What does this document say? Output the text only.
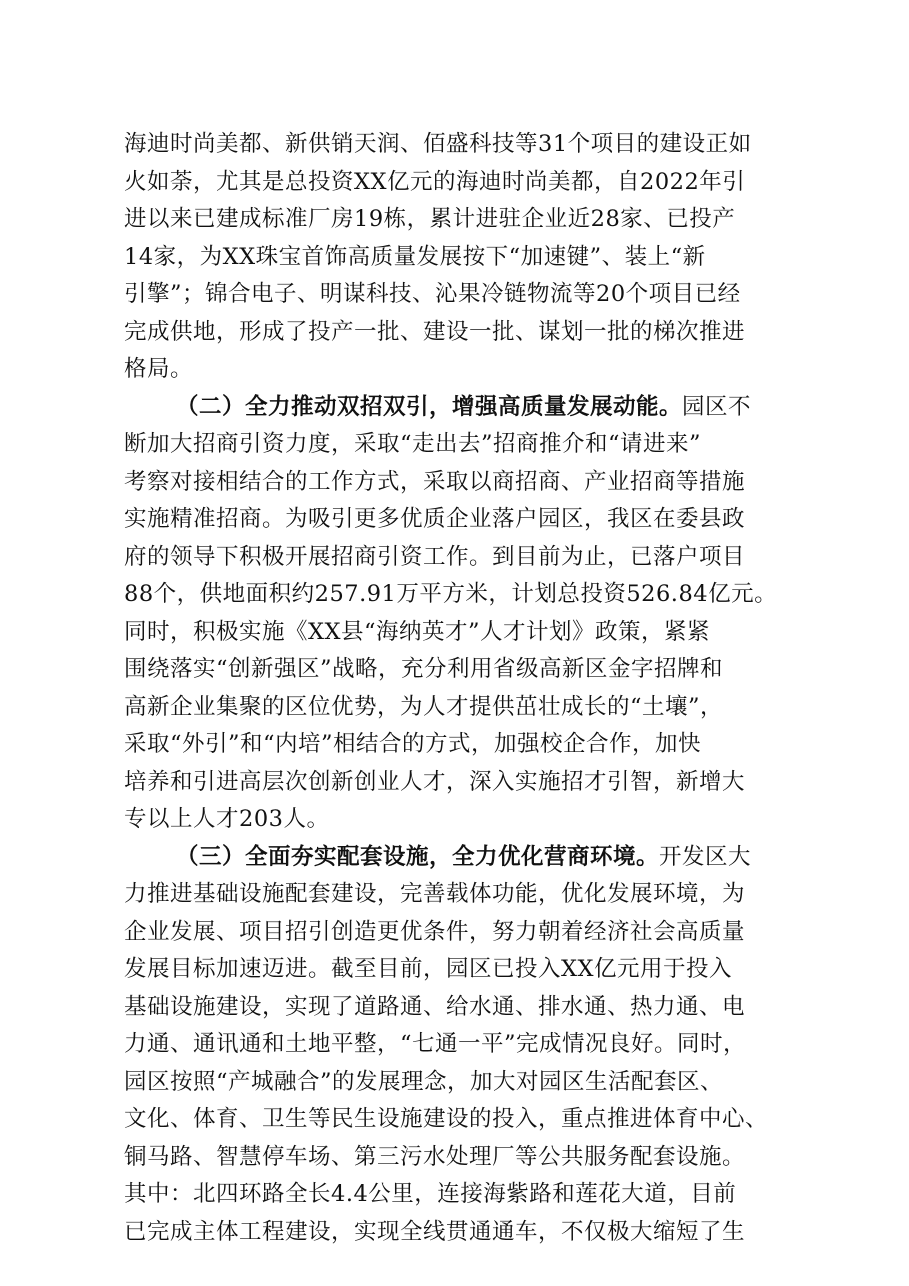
海迪时尚美都、新供销天润、佰盛科技等31个项目的建设正如
火如荼，尤其是总投资XX亿元的海迪时尚美都，自2022年引
进以来已建成标准厂房19栋，累计进驻企业近28家、已投产
14家，为XX珠宝首饰高质量发展按下“加速键”、装上“新
引擎”；锦合电子、明谋科技、沁果冷链物流等20个项目已经
完成供地，形成了投产一批、建设一批、谋划一批的梯次推进
格局。
（二）全力推动双招双引，增强高质量发展动能。园区不
断加大招商引资力度，采取“走出去”招商推介和“请进来”
考察对接相结合的工作方式，采取以商招商、产业招商等措施
实施精准招商。为吸引更多优质企业落户园区，我区在委县政
府的领导下积极开展招商引资工作。到目前为止，已落户项目
88个，供地面积约257.91万平方米，计划总投资526.84亿元。
同时，积极实施《XX县“海纳英才”人才计划》政策，紧紧
围绕落实“创新强区”战略，充分利用省级高新区金字招牌和
高新企业集聚的区位优势，为人才提供茁壮成长的“土壤”，
采取“外引”和“内培”相结合的方式，加强校企合作，加快
培养和引进高层次创新创业人才，深入实施招才引智，新增大
专以上人才203人。
（三）全面夯实配套设施，全力优化营商环境。开发区大
力推进基础设施配套建设，完善载体功能，优化发展环境，为
企业发展、项目招引创造更优条件，努力朝着经济社会高质量
发展目标加速迈进。截至目前，园区已投入XX亿元用于投入
基础设施建设，实现了道路通、给水通、排水通、热力通、电
力通、通讯通和土地平整，“七通一平”完成情况良好。同时，
园区按照“产城融合”的发展理念，加大对园区生活配套区、
文化、体育、卫生等民生设施建设的投入，重点推进体育中心、
铜马路、智慧停车场、第三污水处理厂等公共服务配套设施。
其中：北四环路全长4.4公里，连接海紫路和莲花大道，目前
已完成主体工程建设，实现全线贯通通车，不仅极大缩短了生
